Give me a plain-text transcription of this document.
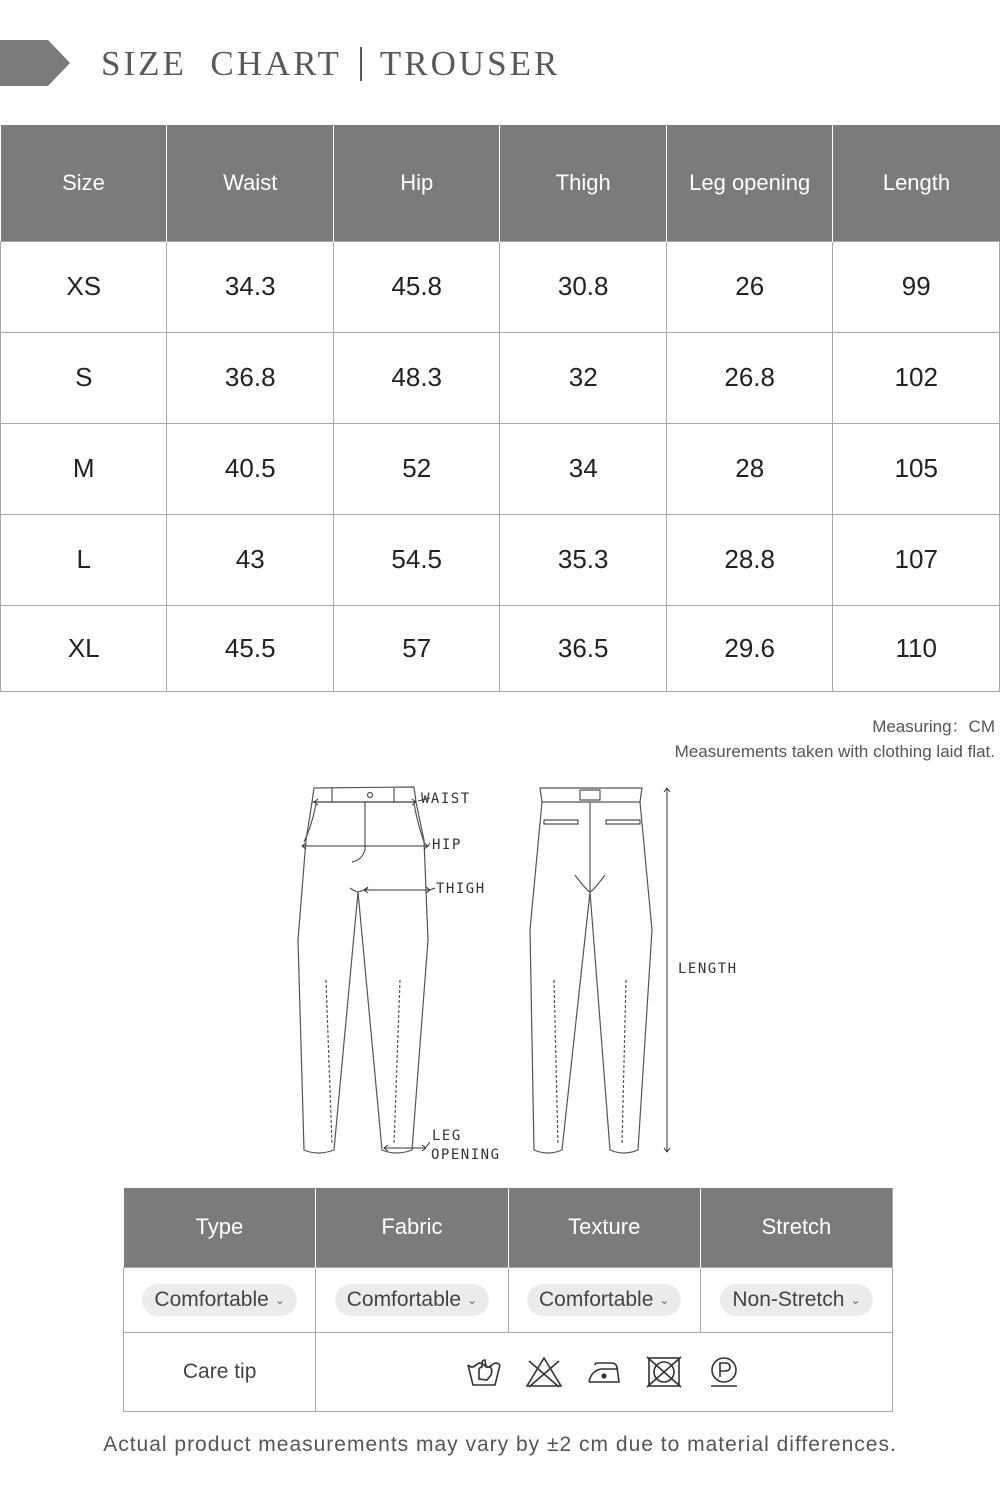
SIZE  CHART TROUSER
Size	Waist	Hip	Thigh	Leg opening	Length
XS	34.3	45.8	30.8	26	99
S	36.8	48.3	32	26.8	102
M	40.5	52	34	28	105
L	43	54.5	35.3	28.8	107
XL	45.5	57	36.5	29.6	110
Measuring：CM
Measurements taken with clothing laid flat.
WAIST
HIP
THIGH
LEG
OPENING
LENGTH
Type	Fabric	Texture	Stretch

Comfortable ⌄	Comfortable ⌄	Comfortable ⌄	Non-Stretch ⌄

Care tip	
Actual product measurements may vary by ±2 cm due to material differences.
